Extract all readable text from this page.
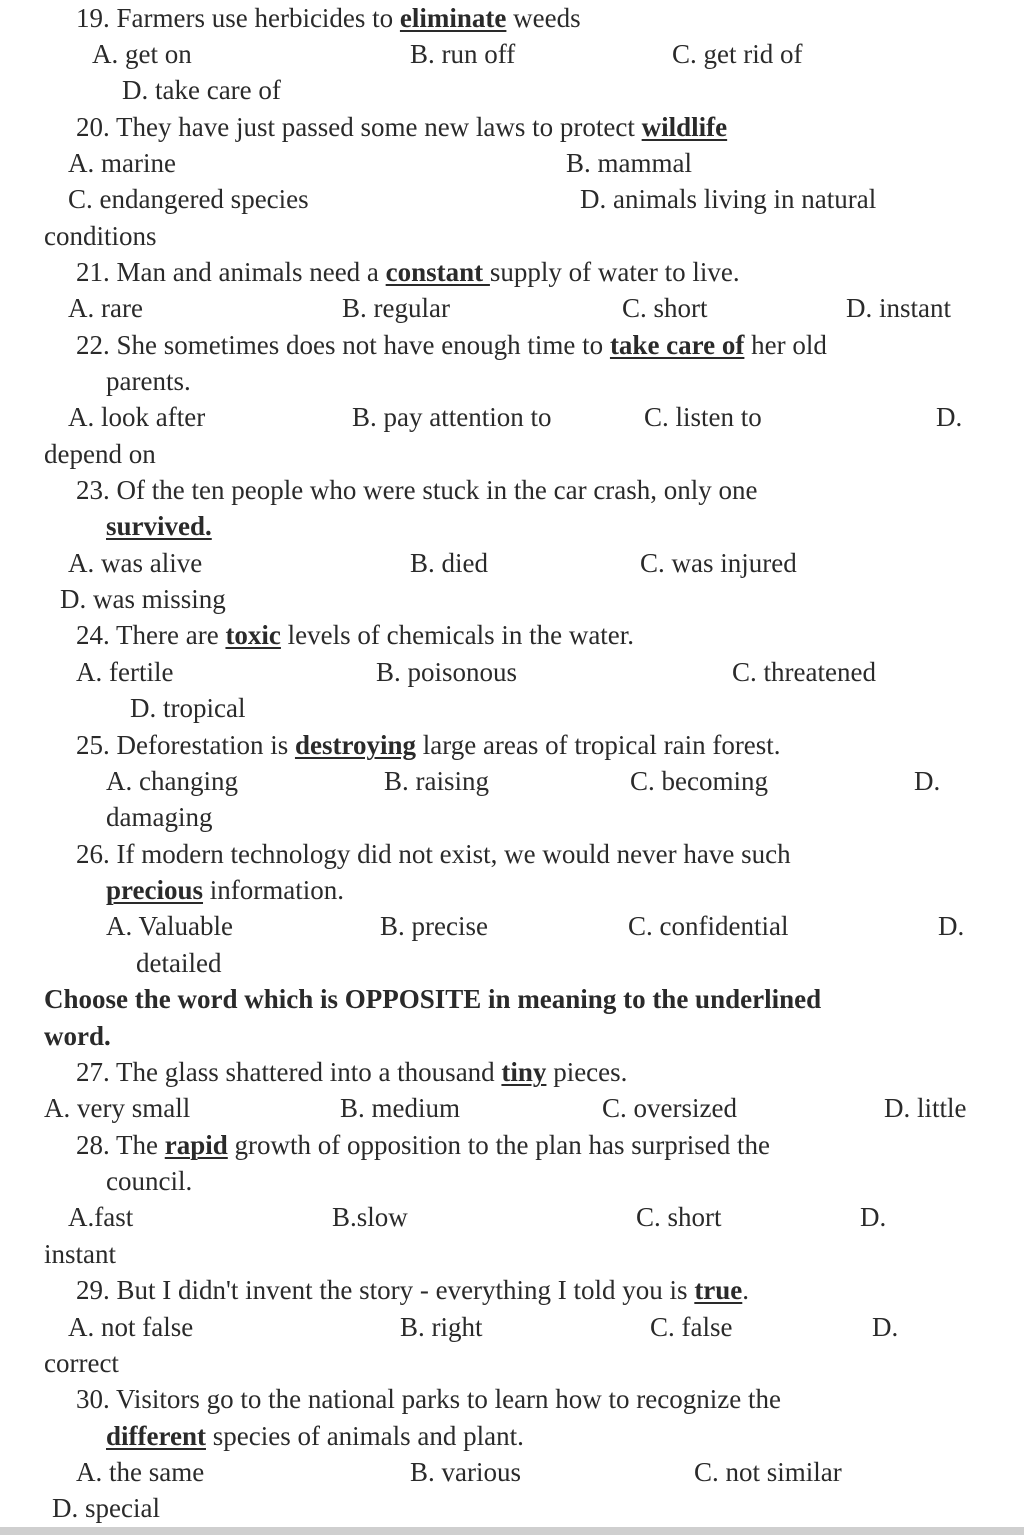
19. Farmers use herbicides to eliminate weeds
A. get on	B. run off	C. get rid of
D. take care of
20. They have just passed some new laws to protect wildlife
A. marine	B. mammal
C. endangered species	D. animals living in natural
conditions
21. Man and animals need a constant supply of water to live.
A. rare	B. regular	C. short	D. instant
22. She sometimes does not have enough time to take care of her old
parents.
A. look after	B. pay attention to	C. listen to	D.
depend on
23. Of the ten people who were stuck in the car crash, only one
survived.
A. was alive	B. died	C. was injured
D. was missing
24. There are toxic levels of chemicals in the water.
A. fertile	B. poisonous	C. threatened
D. tropical
25. Deforestation is destroying large areas of tropical rain forest.
A. changing	B. raising	C. becoming	D.
damaging
26. If modern technology did not exist, we would never have such
precious information.
A. Valuable	B. precise	C. confidential	D.
detailed
Choose the word which is OPPOSITE in meaning to the underlined
word.
27. The glass shattered into a thousand tiny pieces.
A. very small	B. medium	C. oversized	D. little
28. The rapid growth of opposition to the plan has surprised the
council.
A.fast	B.slow	C. short	D.
instant
29. But I didn't invent the story - everything I told you is true.
A. not false	B. right	C. false	D.
correct
30. Visitors go to the national parks to learn how to recognize the
different species of animals and plant.
A. the same	B. various	C. not similar
D. special
